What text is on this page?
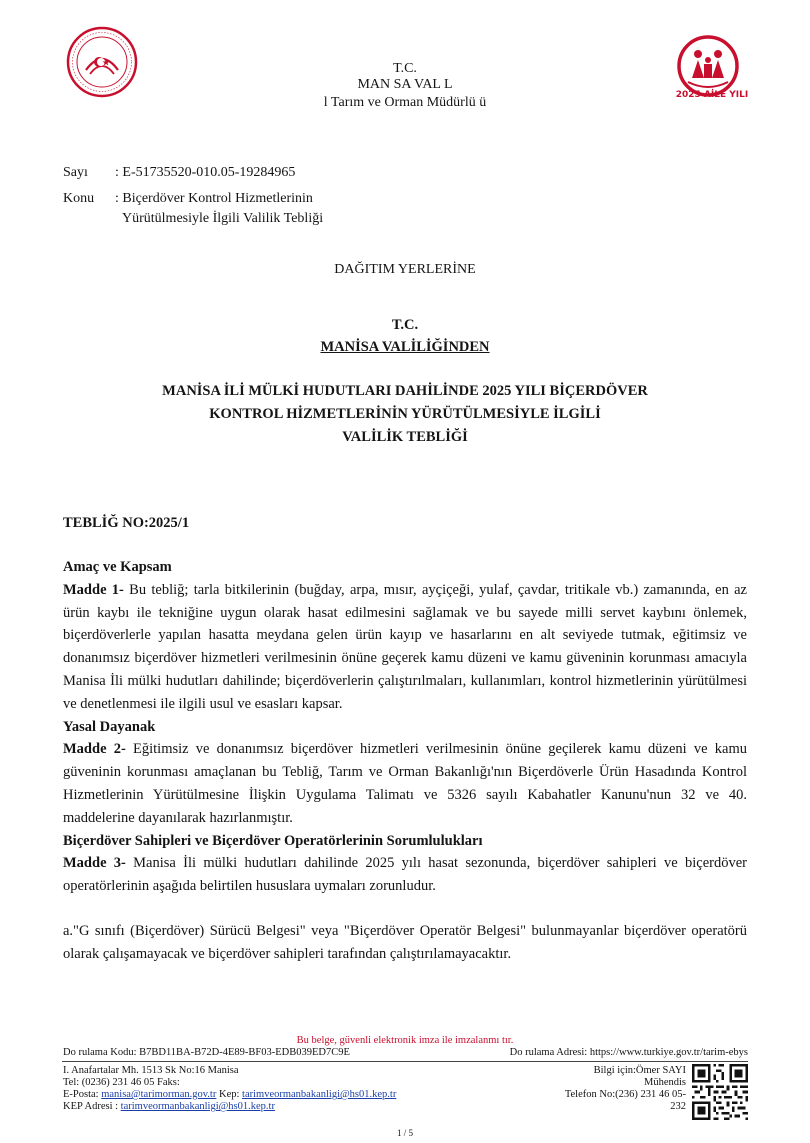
2025 AİLE YILI
T.C.
MAN SA VAL L
l Tarım ve Orman Müdürlü ü
Sayı : E-51735520-010.05-19284965
Konu : Biçerdöver Kontrol Hizmetlerinin
Yürütülmesiyle İlgili Valilik Tebliği
DAĞITIM YERLERİNE
T.C.
MANİSA VALİLİĞİNDEN
MANİSA İLİ MÜLKİ HUDUTLARI DAHİLİNDE 2025 YILI BİÇERDÖVER
KONTROL HİZMETLERİNİN YÜRÜTÜLMESİYLE İLGİLİ
VALİLİK TEBLİĞİ
TEBLİĞ NO:2025/1

Amaç ve Kapsam

Madde 1- Bu tebliğ; tarla bitkilerinin (buğday, arpa, mısır, ayçiçeği, yulaf, çavdar, tritikale vb.) zamanında, en az ürün kaybı ile tekniğine uygun olarak hasat edilmesini sağlamak ve bu sayede milli servet kaybını önlemek, biçerdöverlerle yapılan hasatta meydana gelen ürün kayıp ve hasarlarını en alt seviyede tutmak, eğitimsiz ve donanımsız biçerdöver hizmetleri verilmesinin önüne geçerek kamu düzeni ve kamu güveninin korunması amacıyla Manisa İli mülki hudutları dahilinde; biçerdöverlerin çalıştırılmaları, kullanımları, kontrol hizmetlerinin yürütülmesi ve denetlenmesi ile ilgili usul ve esasları kapsar.

Yasal Dayanak

Madde 2- Eğitimsiz ve donanımsız biçerdöver hizmetleri verilmesinin önüne geçilerek kamu düzeni ve kamu güveninin korunması amaçlanan bu Tebliğ, Tarım ve Orman Bakanlığı'nın Biçerdöverle Ürün Hasadında Kontrol Hizmetlerinin Yürütülmesine İlişkin Uygulama Talimatı ve 5326 sayılı Kabahatler Kanunu'nun 32 ve 40. maddelerine dayanılarak hazırlanmıştır.

Biçerdöver Sahipleri ve Biçerdöver Operatörlerinin Sorumlulukları

Madde 3- Manisa İli mülki hudutları dahilinde 2025 yılı hasat sezonunda, biçerdöver sahipleri ve biçerdöver operatörlerinin aşağıda belirtilen hususlara uymaları zorunludur.

a."G sınıfı (Biçerdöver) Sürücü Belgesi" veya "Biçerdöver Operatör Belgesi" bulunmayanlar biçerdöver operatörü olarak çalışamayacak ve biçerdöver sahipleri tarafından çalıştırılamayacaktır.

Bu belge, güvenli elektronik imza ile imzalanmı tır.
Do rulama Kodu: B7BD11BA-B72D-4E89-BF03-EDB039ED7C9E	Do rulama Adresi: https://www.turkiye.gov.tr/tarim-ebys
I. Anafartalar Mh. 1513 Sk No:16 Manisa
Tel: (0236) 231 46 05 Faks:
E-Posta: manisa@tarimorman.gov.tr Kep: tarimveormanbakanligi@hs01.kep.tr
KEP Adresi : tarimveormanbakanligi@hs01.kep.tr
Bilgi için:Ömer SAYI
Mühendis
Telefon No:(236) 231 46 05-
232
1 / 5
